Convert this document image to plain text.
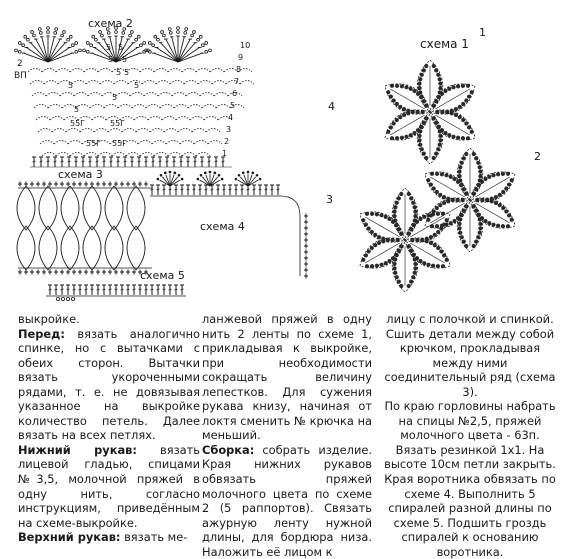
схема 2
2
ВП
10
9
8
7
6
5
4
3
2
1
5 5
5
5
5 5
5	5
5
5
55Г	55Г
55Г 55Г
схема 3
схема 4
схема 5
схема 1
1
2
3
4

выкройке.

Перед: вязать аналогично спинке, но с вытачками с обеих сторон. Вытачки вязать укороченными рядами, т. е. не довязывая указанное на выкройке количество петель. Далее вязать на всех петлях.

Нижний рукав: вязать лицевой гладью, спицами №3,5, молочной пряжей в одну нить, согласно инструкциям, приведённым на схеме-выкройке.

Верхний рукав: вязать ме-

ланжевой пряжей в одну нить 2 ленты по схеме 1, прикладывая к выкройке, при необходимости сокращать величину лепестков. Для сужения рукава книзу, начиная от локтя сменить № крючка на меньший.

Сборка: собрать изделие. Края нижних рукавов обвязать пряжей молочного цвета по схеме 2 (5 раппортов). Связать ажурную ленту нужной длины, для бордюра низа. Наложить её лицом к

лицу с полочкой и спинкой. Сшить детали между собой крючком, прокладывая между ними соединительный ряд (схема 3).

По краю горловины набрать на спицы №2,5, пряжей молочного цвета - 63п. Вязать резинкой 1х1. На высоте 10см петли закрыть. Края воротника обвязать по схеме 4. Выполнить 5 спиралей разной длины по схеме 5. Подшить гроздь спиралей к основанию воротника.
